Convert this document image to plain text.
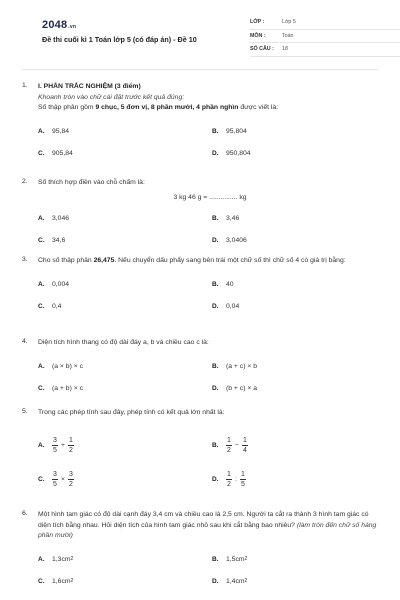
2048.vn
Đề thi cuối kì 1 Toán lớp 5 (có đáp án) - Đề 10
LỚP :	Lớp 5
MÔN :	Toán
SỐ CÂU :	18
1. I. PHẦN TRẮC NGHIỆM (3 điểm)
Khoanh tròn vào chữ cái đặt trước kết quả đúng:
Số thập phân gồm 9 chục, 5 đơn vị, 8 phần mười, 4 phần nghìn được viết là:
A.	95,84	B.	95,804
C.	905,84	D.	950,804
2. Số thích hợp điền vào chỗ chấm là:
3 kg 46 g = ............... kg
A.	3,046	B.	3,46
C.	34,6	D.	3,0406
3. Cho số thập phân 26,475. Nếu chuyển dấu phẩy sang bên trái một chữ số thì chữ số 4 có giá trị bằng:
A.	0,004	B.	40
C.	0,4	D.	0,04
4. Diện tích hình thang có độ dài đáy a, b và chiều cao c là:
A.	(a × b) × c	B.	(a + c) × b
C.	(a + b) × c	D.	(b + c) × a
5. Trong các phép tính sau đây, phép tính có kết quả lớn nhất là:
A.	$\frac{3}{5} + \frac{1}{2}$	B.	$\frac{1}{2} - \frac{1}{4}$
C.	$\frac{3}{5} \times \frac{3}{2}$	D.	$\frac{1}{2}$ : $\frac{1}{5}$
6. Một hình tam giác có độ dài cạnh đáy 3,4 cm và chiều cao là 2,5 cm. Người ta cắt ra thành 3 hình tam giác có diện tích bằng nhau. Hỏi diện tích của hình tam giác nhỏ sau khi cắt bằng bao nhiêu? (làm tròn đến chữ số hàng phần mười)
A.	1,3 cm 2	B.	1,5 cm 2
C.	1,6 cm 2	D.	1,4 cm 2
